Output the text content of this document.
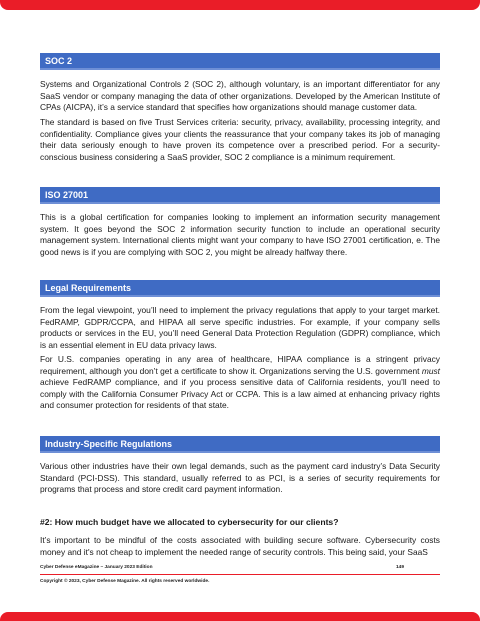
SOC 2

Systems and Organizational Controls 2 (SOC 2), although voluntary, is an important differentiator for any SaaS vendor or company managing the data of other organizations. Developed by the American Institute of CPAs (AICPA), it’s a service standard that specifies how organizations should manage customer data.

The standard is based on five Trust Services criteria: security, privacy, availability, processing integrity, and confidentiality. Compliance gives your clients the reassurance that your company takes its job of managing their data seriously enough to have proven its competence over a prescribed period. For a security-conscious business considering a SaaS provider, SOC 2 compliance is a minimum requirement.

ISO 27001

This is a global certification for companies looking to implement an information security management system. It goes beyond the SOC 2 information security function to include an operational security management system. International clients might want your company to have ISO 27001 certification, e. The good news is if you are complying with SOC 2, you might be already halfway there.

Legal Requirements

From the legal viewpoint, you’ll need to implement the privacy regulations that apply to your target market. FedRAMP, GDPR/CCPA, and HIPAA all serve specific industries. For example, if your company sells products or services in the EU, you’ll need General Data Protection Regulation (GDPR) compliance, which is an essential element in EU data privacy laws.

For U.S. companies operating in any area of healthcare, HIPAA compliance is a stringent privacy requirement, although you don’t get a certificate to show it. Organizations serving the U.S. government must achieve FedRAMP compliance, and if you process sensitive data of California residents, you’ll need to comply with the California Consumer Privacy Act or CCPA. This is a law aimed at enhancing privacy rights and consumer protection for residents of that state.

Industry-Specific Regulations

Various other industries have their own legal demands, such as the payment card industry’s Data Security Standard (PCI-DSS). This standard, usually referred to as PCI, is a series of security requirements for programs that process and store credit card payment information.

#2: How much budget have we allocated to cybersecurity for our clients?

It’s important to be mindful of the costs associated with building secure software. Cybersecurity costs money and it's not cheap to implement the needed range of security controls. This being said, your SaaS

Cyber Defense eMagazine – January 2023 Edition	149
Copyright © 2023, Cyber Defense Magazine. All rights reserved worldwide.
